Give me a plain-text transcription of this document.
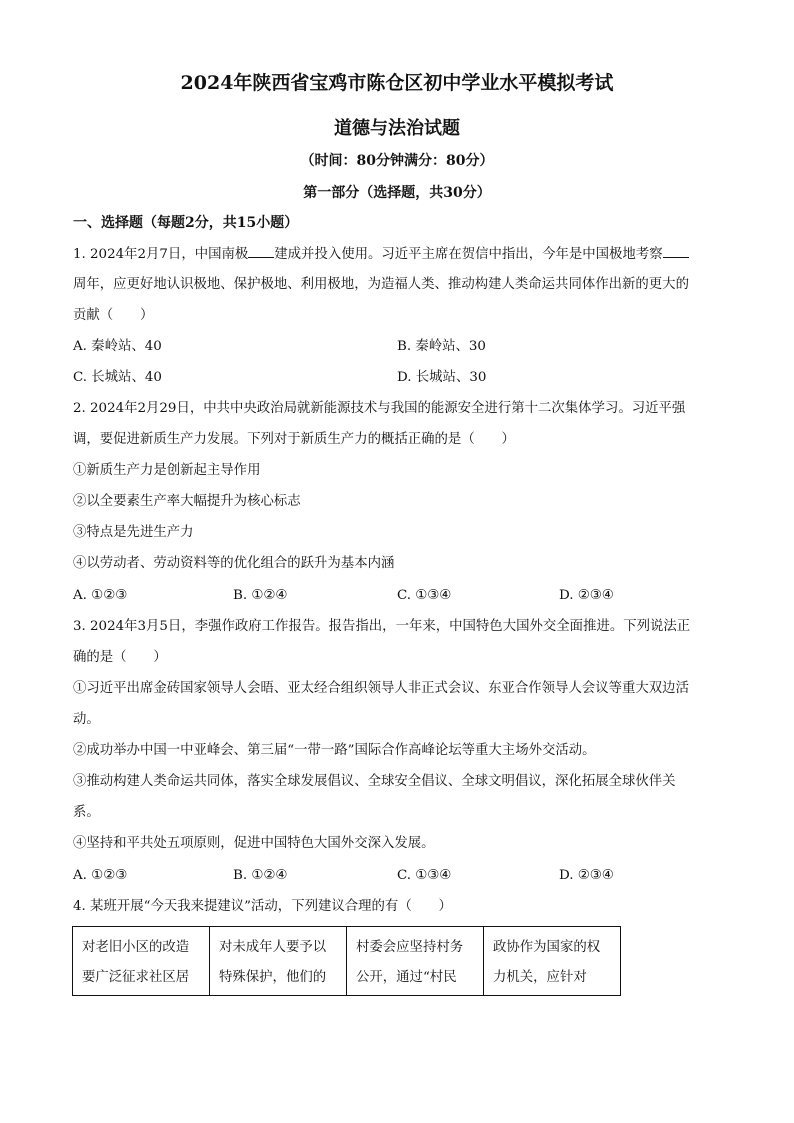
2024年陕西省宝鸡市陈仓区初中学业水平模拟考试
道德与法治试题
（时间：80分钟满分：80分）
第一部分（选择题，共30分）
一、选择题（每题2分，共15小题）
1. 2024年2月7日，中国南极 建成并投入使用。习近平主席在贺信中指出，今年是中国极地考察
周年，应更好地认识极地、保护极地、利用极地，为造福人类、推动构建人类命运共同体作出新的更大的
贡献（　　）
A. 秦岭站、40	B. 秦岭站、30
C. 长城站、40	D. 长城站、30
2. 2024年2月29日，中共中央政治局就新能源技术与我国的能源安全进行第十二次集体学习。习近平强
调，要促进新质生产力发展。下列对于新质生产力的概括正确的是（　　）
①新质生产力是创新起主导作用
②以全要素生产率大幅提升为核心标志
③特点是先进生产力
④以劳动者、劳动资料等的优化组合的跃升为基本内涵
A. ①②③	B. ①②④	C. ①③④	D. ②③④
3. 2024年3月5日，李强作政府工作报告。报告指出，一年来，中国特色大国外交全面推进。下列说法正
确的是（　　）
①习近平出席金砖国家领导人会晤、亚太经合组织领导人非正式会议、东亚合作领导人会议等重大双边活
动。
②成功举办中国一中亚峰会、第三届“一带一路”国际合作高峰论坛等重大主场外交活动。
③推动构建人类命运共同体，落实全球发展倡议、全球安全倡议、全球文明倡议，深化拓展全球伙伴关
系。
④坚持和平共处五项原则，促进中国特色大国外交深入发展。
A. ①②③	B. ①②④	C. ①③④	D. ②③④
4. 某班开展“今天我来提建议”活动，下列建议合理的有（　　）
对老旧小区的改造
要广泛征求社区居

对未成年人要予以
特殊保护，他们的

村委会应坚持村务
公开，通过“村民

政协作为国家的权
力机关，应针对
